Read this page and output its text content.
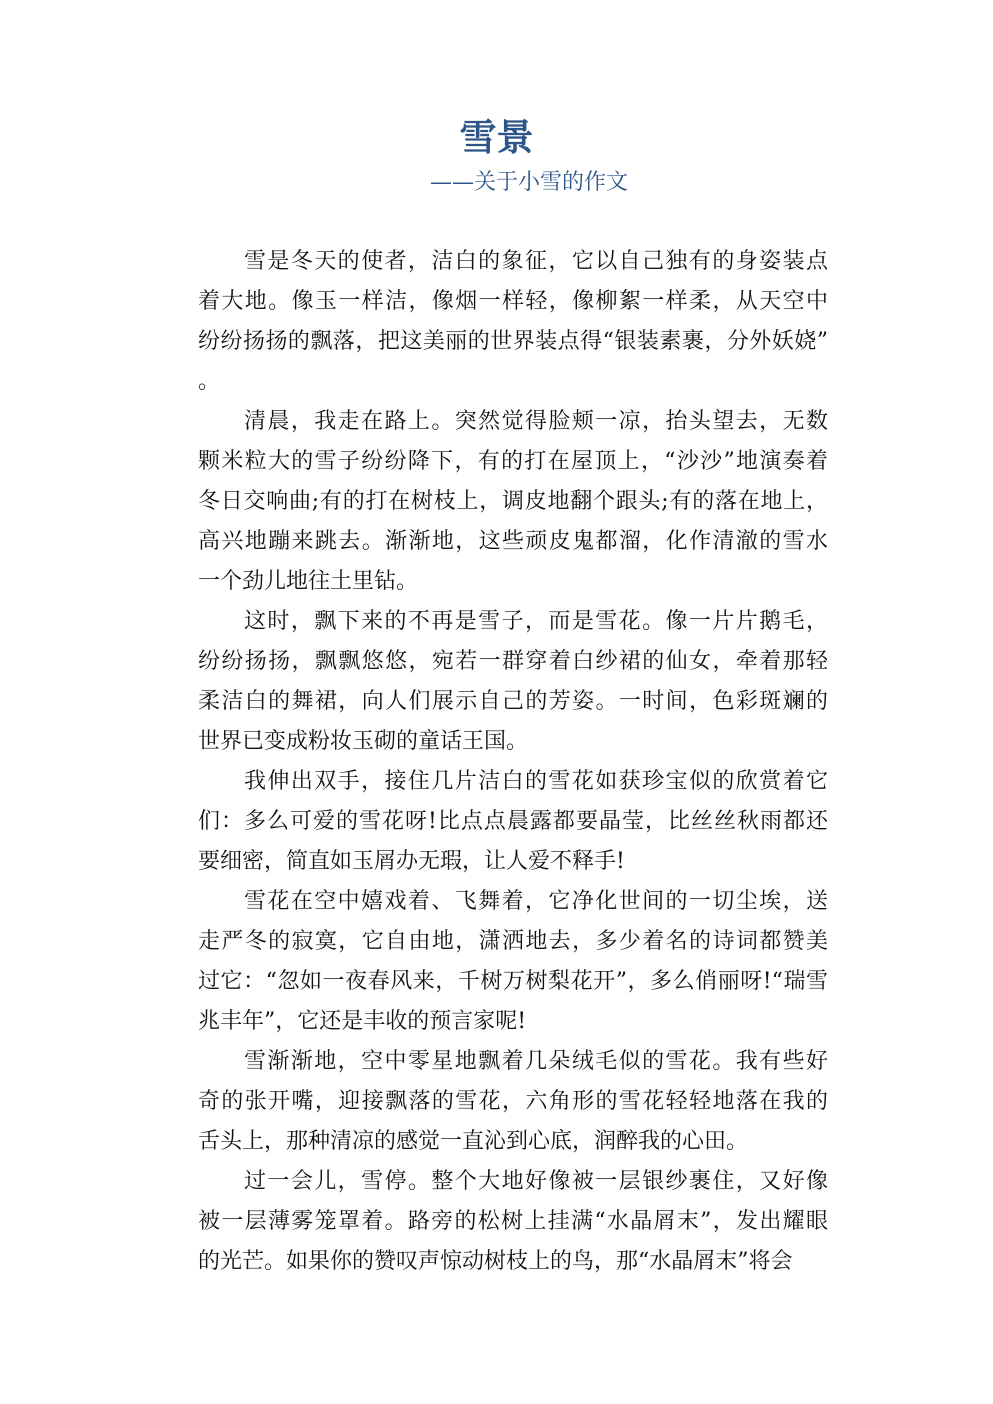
雪景
——关于小雪的作文
雪是冬天的使者，洁白的象征，它以自己独有的身姿装点
着大地。像玉一样洁，像烟一样轻，像柳絮一样柔，从天空中
纷纷扬扬的飘落，把这美丽的世界装点得“银装素裹，分外妖娆”
。
清晨，我走在路上。突然觉得脸颊一凉，抬头望去，无数
颗米粒大的雪子纷纷降下，有的打在屋顶上，“沙沙”地演奏着
冬日交响曲;有的打在树枝上，调皮地翻个跟头;有的落在地上，
高兴地蹦来跳去。渐渐地，这些顽皮鬼都溜，化作清澈的雪水
一个劲儿地往土里钻。
这时，飘下来的不再是雪子，而是雪花。像一片片鹅毛，
纷纷扬扬，飘飘悠悠，宛若一群穿着白纱裙的仙女，牵着那轻
柔洁白的舞裙，向人们展示自己的芳姿。一时间，色彩斑斓的
世界已变成粉妆玉砌的童话王国。
我伸出双手，接住几片洁白的雪花如获珍宝似的欣赏着它
们：多么可爱的雪花呀!比点点晨露都要晶莹，比丝丝秋雨都还
要细密，简直如玉屑办无瑕，让人爱不释手!
雪花在空中嬉戏着、飞舞着，它净化世间的一切尘埃，送
走严冬的寂寞，它自由地，潇洒地去，多少着名的诗词都赞美
过它：“忽如一夜春风来，千树万树梨花开”，多么俏丽呀!“瑞雪
兆丰年”，它还是丰收的预言家呢!
雪渐渐地，空中零星地飘着几朵绒毛似的雪花。我有些好
奇的张开嘴，迎接飘落的雪花，六角形的雪花轻轻地落在我的
舌头上，那种清凉的感觉一直沁到心底，润醉我的心田。
过一会儿，雪停。整个大地好像被一层银纱裹住，又好像
被一层薄雾笼罩着。路旁的松树上挂满“水晶屑末”，发出耀眼
的光芒。如果你的赞叹声惊动树枝上的鸟，那“水晶屑末”将会
